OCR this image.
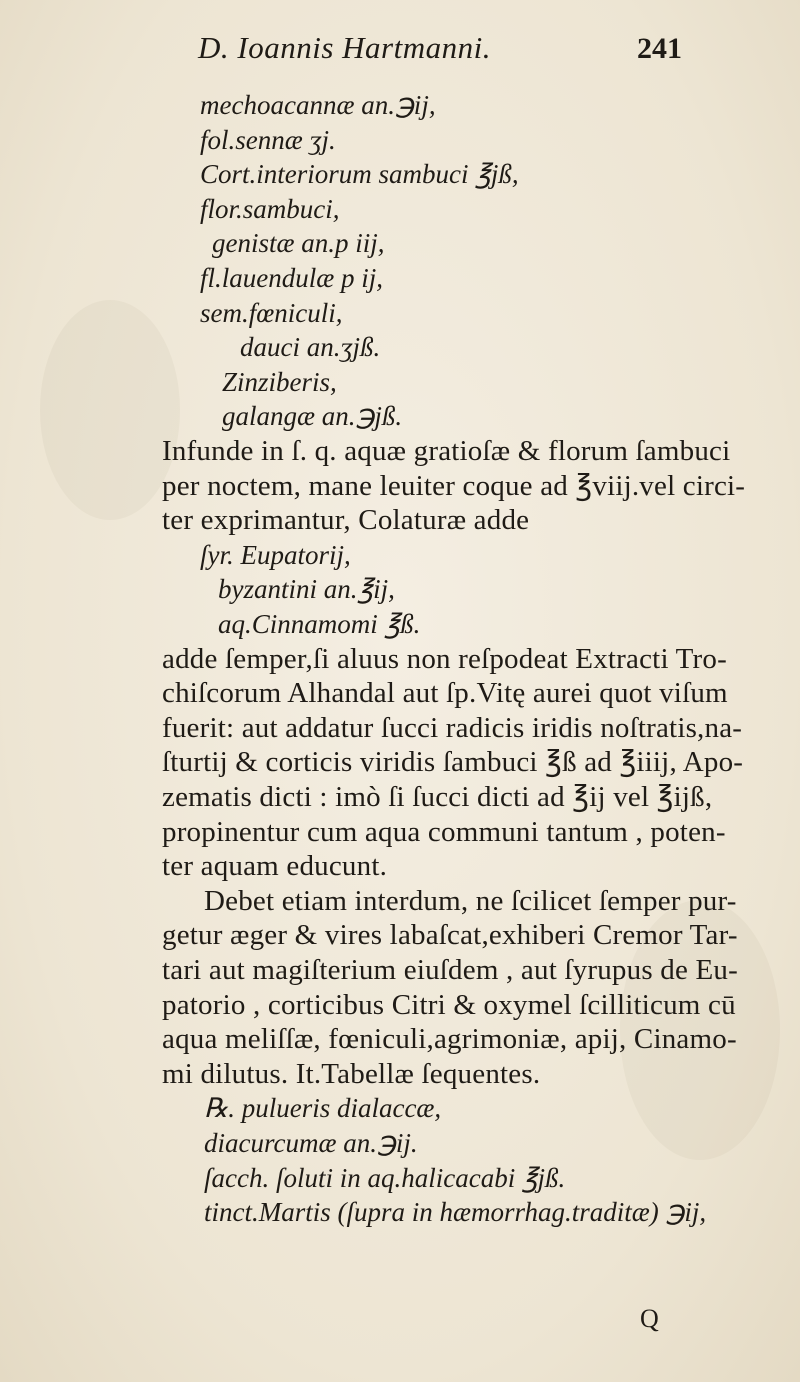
D. Ioannis Hartmanni.	241
mechoacannæ an.℈ij,
fol.sennæ ʒj.
Cort.interiorum sambuci ℥jß,
flor.sambuci,
genistæ an.p iij,
fl.lauendulæ p ij,
sem.fœniculi,
dauci an.ʒjß.
Zinziberis,
galangæ an.℈jß.
Infunde in ſ. q. aquæ gratioſæ & florum ſambuci
per noctem, mane leuiter coque ad ℥viij.vel circi-
ter exprimantur, Colaturæ adde
ſyr. Eupatorij,
byzantini an.℥ij,
aq.Cinnamomi ℥ß.
adde ſemper,ſi aluus non reſpodeat Extracti Tro-
chiſcorum Alhandal aut ſp.Vitę aurei quot viſum
fuerit: aut addatur ſucci radicis iridis noſtratis,na-
ſturtij & corticis viridis ſambuci ℥ß ad ℥iiij, Apo-
zematis dicti : imò ſi ſucci dicti ad ℥ij vel ℥ijß,
propinentur cum aqua communi tantum , poten-
ter aquam educunt.
Debet etiam interdum, ne ſcilicet ſemper pur-
getur æger & vires labaſcat,exhiberi Cremor Tar-
tari aut magiſterium eiuſdem , aut ſyrupus de Eu-
patorio , corticibus Citri & oxymel ſcilliticum cū
aqua meliſſæ, fœniculi,agrimoniæ, apij, Cinamo-
mi dilutus. It.Tabellæ ſequentes.
℞. pulueris dialaccæ,
diacurcumæ an.℈ij.
ſacch. ſoluti in aq.halicacabi ℥jß.
tinct.Martis (ſupra in hæmorrhag.traditæ) ℈ij,
Q
